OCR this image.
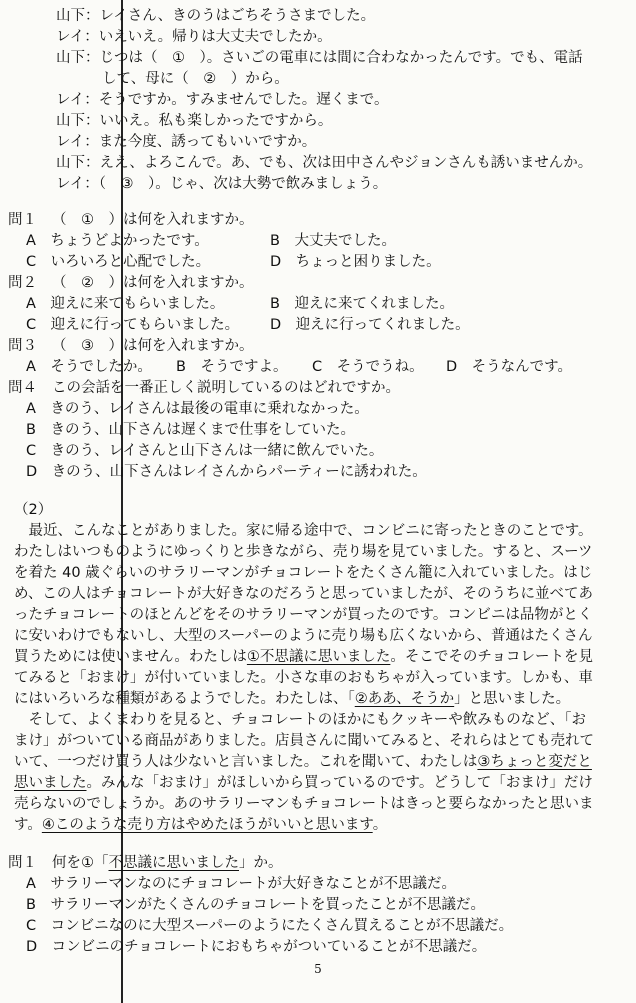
山下：レイさん、きのうはごちそうさまでした。
レイ：いえいえ。帰りは大丈夫でしたか。
山下：じつは（　①　）。さいごの電車には間に合わなかったんです。でも、電話
して、母に（　②　）から。
レイ：そうですか。すみませんでした。遅くまで。
山下：いいえ。私も楽しかったですから。
レイ：また今度、誘ってもいいですか。
山下：ええ、よろこんで。あ、でも、次は田中さんやジョンさんも誘いませんか。
レイ：（　③　）。じゃ、次は大勢で飲みましょう。
問１ （　①　）は何を入れますか。
A　ちょうどよかったです。	B　大丈夫でした。
C　いろいろと心配でした。	D　ちょっと困りました。
問２ （　②　）は何を入れますか。
A　迎えに来てもらいました。	B　迎えに来てくれました。
C　迎えに行ってもらいました。 D　迎えに行ってくれました。
問３ （　③　）は何を入れますか。
A　そうでしたか。 B　そうですよ。 C　そうでうね。 D　そうなんです。
問４ この会話を一番正しく説明しているのはどれですか。
A　きのう、レイさんは最後の電車に乗れなかった。
B　きのう、山下さんは遅くまで仕事をしていた。
C　きのう、レイさんと山下さんは一緒に飲んでいた。
D　きのう、山下さんはレイさんからパーティーに誘われた。
（2）
　最近、こんなことがありました。家に帰る途中で、コンビニに寄ったときのことです。
わたしはいつものようにゆっくりと歩きながら、売り場を見ていました。すると、スーツ
を着た 40 歳ぐらいのサラリーマンがチョコレートをたくさん籠に入れていました。はじ
め、この人はチョコレートが大好きなのだろうと思っていましたが、そのうちに並べてあ
ったチョコレートのほとんどをそのサラリーマンが買ったのです。コンビニは品物がとく
に安いわけでもないし、大型のスーパーのように売り場も広くないから、普通はたくさん
買うためには使いません。わたしは①不思議に思いました。そこでそのチョコレートを見
てみると「おまけ」が付いていました。小さな車のおもちゃが入っています。しかも、車
にはいろいろな種類があるようでした。わたしは、「②ああ、そうか」と思いました。
　そして、よくまわりを見ると、チョコレートのほかにもクッキーや飲みものなど、「お
まけ」がついている商品がありました。店員さんに聞いてみると、それらはとても売れて
いて、一つだけ買う人は少ないと言いました。これを聞いて、わたしは③ちょっと変だと
思いました。みんな「おまけ」がほしいから買っているのです。どうして「おまけ」だけ
売らないのでしょうか。あのサラリーマンもチョコレートはきっと要らなかったと思いま
す。④このような売り方はやめたほうがいいと思います。
問１ 何を①「不思議に思いました」か。
A　サラリーマンなのにチョコレートが大好きなことが不思議だ。
B　サラリーマンがたくさんのチョコレートを買ったことが不思議だ。
C　コンビニなのに大型スーパーのようにたくさん買えることが不思議だ。
D　コンビニのチョコレートにおもちゃがついていることが不思議だ。
5
